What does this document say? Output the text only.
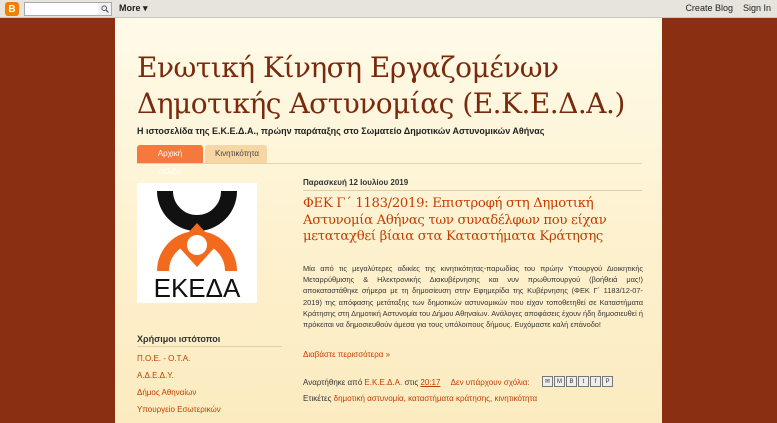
B	More ▾	Create Blog Sign In
Ενωτική Κίνηση Εργαζομένων Δημοτικής Αστυνομίας (Ε.Κ.Ε.Δ.Α.)
Η ιστοσελίδα της Ε.Κ.Ε.Δ.Α., πρώην παράταξης στο Σωματείο Δημοτικών Αστυνομικών Αθήνας
Αρχική σελίδα
Κινητικότητα
ΕΚΕΔΑ
Χρήσιμοι ιστότοποι
Π.Ο.Ε. - Ο.Τ.Α.
Α.Δ.Ε.Δ.Υ.
Δήμος Αθηναίων
Υπουργείο Εσωτερικών
Παρασκευή 12 Ιουλίου 2019
ΦΕΚ Γ΄ 1183/2019: Επιστροφή στη Δημοτική Αστυνομία Αθήνας των συναδέλφων που είχαν μεταταχθεί βίαια στα Καταστήματα Κράτησης
Μία από τις μεγαλύτερες αδικίες της κινητικότητας-παρωδίας του πρώην Υπουργού Διοικητικής Μεταρρύθμισης & Ηλεκτρονικής Διακυβέρνησης και νυν πρωθυπουργού (βοήθειά μας!) αποκαταστάθηκε σήμερα με τη δημοσίευση στην Εφημερίδα της Κυβέρνησης (ΦΕΚ Γ΄ 1183/12-07-2019) της απόφασης μετάταξης των δημοτικών αστυνομικών που είχαν τοποθετηθεί σε Καταστήματα Κράτησης στη Δημοτική Αστυνομία του Δήμου Αθηναίων. Ανάλογες αποφάσεις έχουν ήδη δημοσιευθεί ή πρόκειται να δημοσιευθούν άμεσα για τους υπόλοιπους δήμους. Ευχόμαστε καλή επάνοδο!
Διαβάστε περισσότερα »
Αναρτήθηκε από Ε.Κ.Ε.Δ.Α. στις 20:17 Δεν υπάρχουν σχόλια:	✉	M	B	t	f	P
Ετικέτες δημοτική αστυνομία, καταστήματα κράτησης, κινητικότητα
